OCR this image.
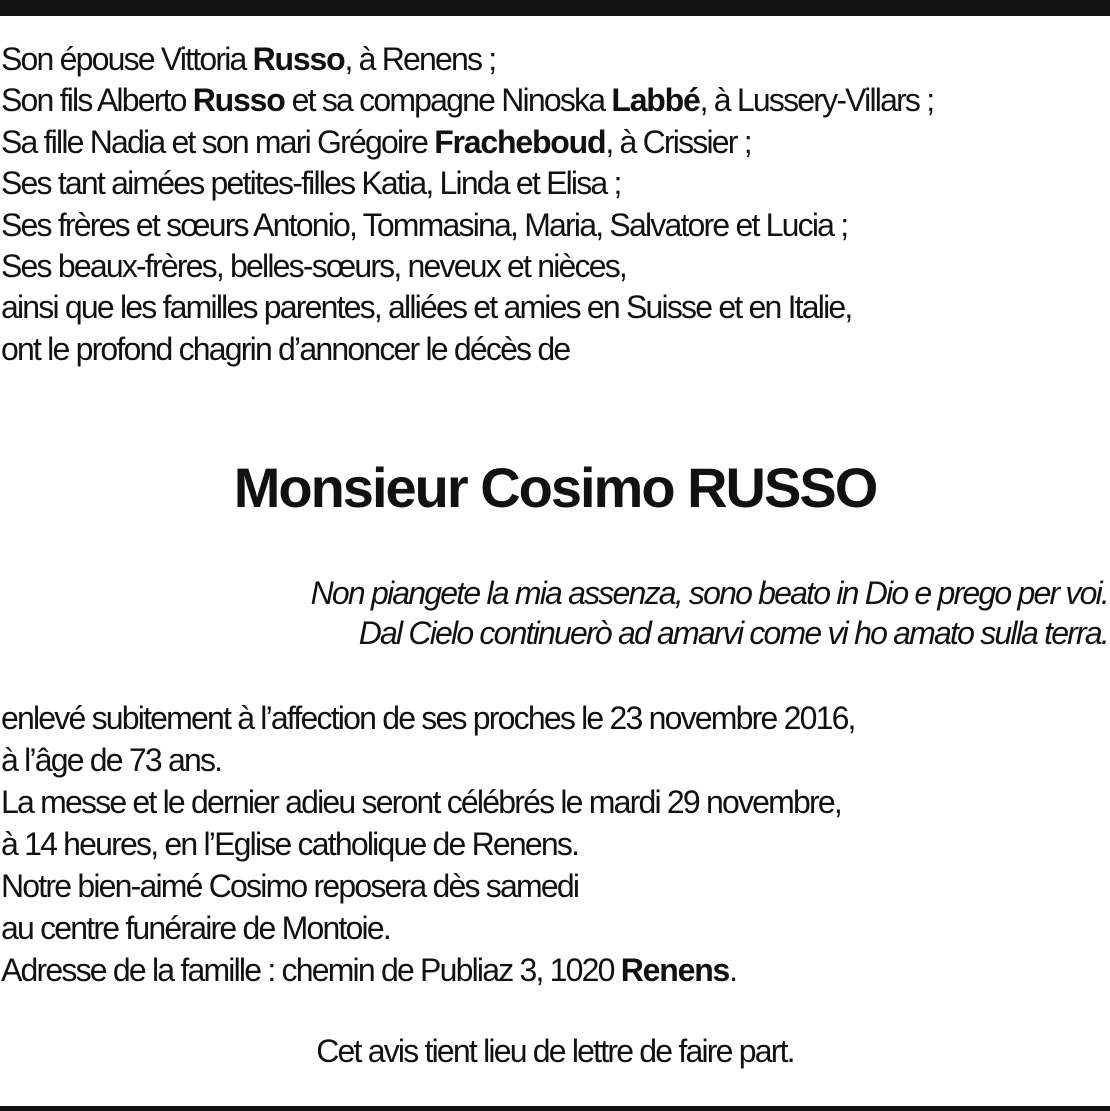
Son épouse Vittoria Russo, à Renens ;
Son fils Alberto Russo et sa compagne Ninoska Labbé, à Lussery-Villars ;
Sa fille Nadia et son mari Grégoire Fracheboud, à Crissier ;
Ses tant aimées petites-filles Katia, Linda et Elisa ;
Ses frères et sœurs Antonio, Tommasina, Maria, Salvatore et Lucia ;
Ses beaux-frères, belles-sœurs, neveux et nièces,
ainsi que les familles parentes, alliées et amies en Suisse et en Italie,
ont le profond chagrin d’annoncer le décès de

Monsieur Cosimo RUSSO

Non piangete la mia assenza, sono beato in Dio e prego per voi.
Dal Cielo continuerò ad amarvi come vi ho amato sulla terra.

enlevé subitement à l’affection de ses proches le 23 novembre 2016,
à l’âge de 73 ans.
La messe et le dernier adieu seront célébrés le mardi 29 novembre,
à 14 heures, en l’Eglise catholique de Renens.
Notre bien-aimé Cosimo reposera dès samedi
au centre funéraire de Montoie.
Adresse de la famille : chemin de Publiaz 3, 1020 Renens.

Cet avis tient lieu de lettre de faire part.
